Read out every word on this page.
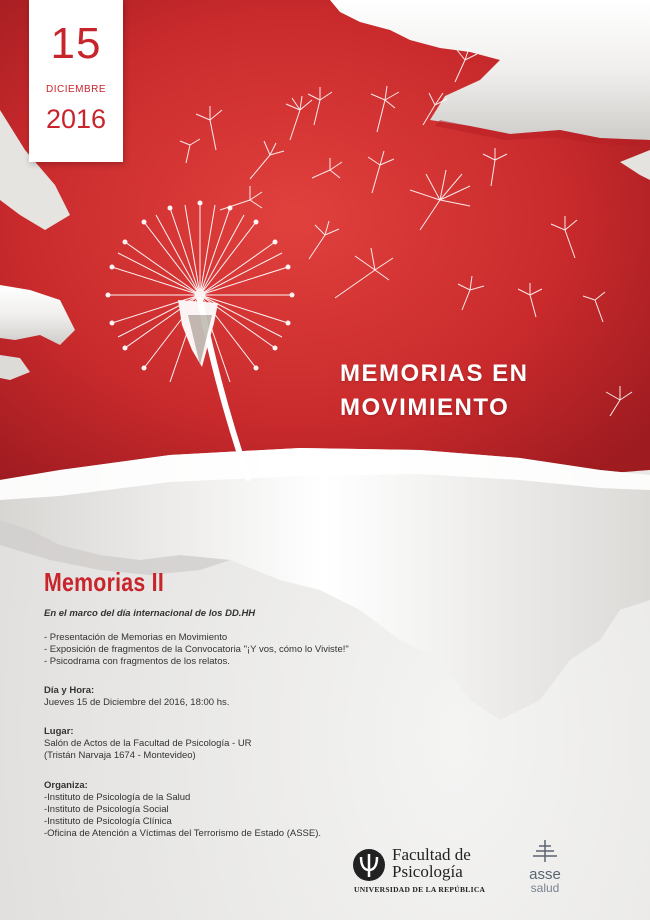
15
DICIEMBRE
2016
MEMORIAS EN
MOVIMIENTO
Memorias II
En el marco del día internacional de los DD.HH
- Presentación de Memorias en Movimiento
- Exposición de fragmentos de la Convocatoria "¡Y vos, cómo lo Viviste!"
- Psicodrama con fragmentos de los relatos.
Día y Hora:
Jueves 15 de Diciembre del 2016, 18:00 hs.
Lugar:
Salón de Actos de la Facultad de Psicología - UR
(Tristán Narvaja 1674 - Montevideo)
Organiza:
-Instituto de Psicología de la Salud
-Instituto de Psicología Social
-Instituto de Psicología Clínica
-Oficina de Atención a Víctimas del Terrorismo de Estado (ASSE).
Facultad de
Psicología
UNIVERSIDAD DE LA REPÚBLICA
asse
salud
